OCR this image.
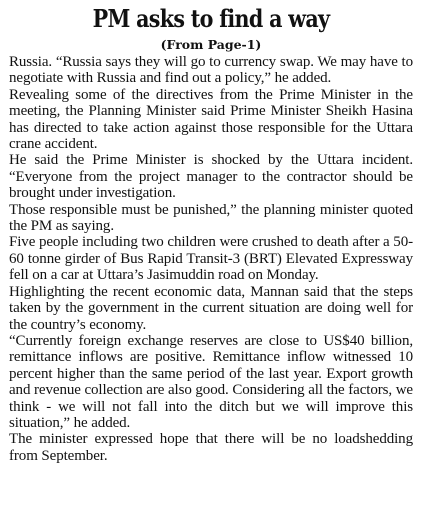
PM asks to find a way
(From Page-1)

Russia. “Russia says they will go to currency swap. We may have to negotiate with Russia and find out a policy,” he added.

Revealing some of the directives from the Prime Minister in the meeting, the Planning Minister said Prime Minister Sheikh Hasina has directed to take action against those responsible for the Uttara crane accident.

He said the Prime Minister is shocked by the Uttara incident. “Everyone from the project manager to the contractor should be brought under investigation.

Those responsible must be punished,” the planning minister quoted the PM as saying.

Five people including two children were crushed to death after a 50-60 tonne girder of Bus Rapid Transit-3 (BRT) Elevated Expressway fell on a car at Uttara’s Jasimuddin road on Monday.

Highlighting the recent economic data, Mannan said that the steps taken by the government in the current situation are doing well for the country’s economy.

“Currently foreign exchange reserves are close to US$40 billion, remittance inflows are positive. Remittance inflow witnessed 10 percent higher than the same period of the last year. Export growth and revenue collection are also good. Considering all the factors, we think - we will not fall into the ditch but we will improve this situation,” he added.

The minister expressed hope that there will be no loadshedding from September.
